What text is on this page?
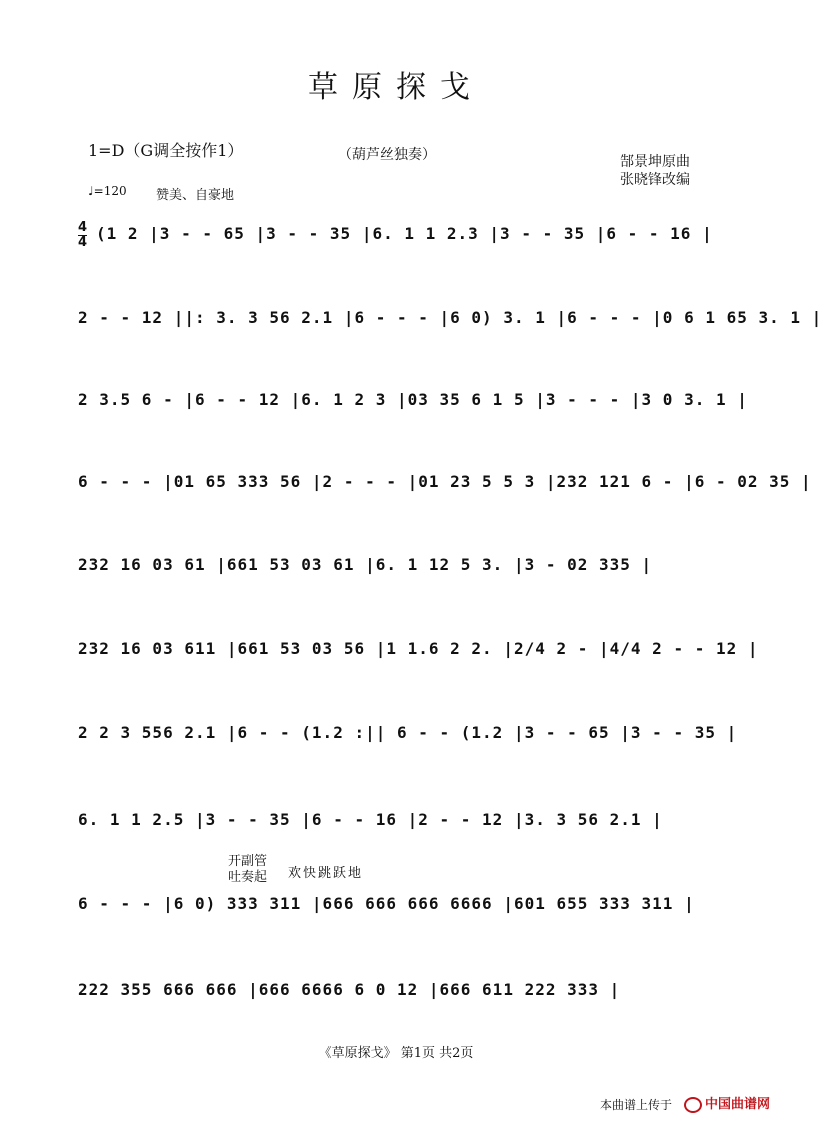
草原探戈
1=D（G调全按作1）	（葫芦丝独奏）	郜景坤原曲
张晓锋改编
♩=120 赞美、自豪地
4
4 (1 2 |3 - - 65 |3 - - 35 |6. 1 1 2.3 |3 - - 35 |6 - - 16 |
2 - - 12 ||: 3. 3 56 2.1 |6 - - - |6 0) 3. 1 |6 - - - |0 6 1 65 3. 1 |
2 3.5 6 - |6 - - 12 |6. 1 2 3 |03 35 6 1 5 |3 - - - |3 0 3. 1 |
6 - - - |01 65 333 56 |2 - - - |01 23 5 5 3 |232 121 6 - |6 - 02 35 |
232 16 03 61 |661 53 03 61 |6. 1 12 5 3. |3 - 02 335 |
232 16 03 611 |661 53 03 56 |1 1.6 2 2. |2/4 2 - |4/4 2 - - 12 |
2 2 3 556 2.1 |6 - - (1.2 :|| 6 - - (1.2 |3 - - 65 |3 - - 35 |
6. 1 1 2.5 |3 - - 35 |6 - - 16 |2 - - 12 |3. 3 56 2.1 |
开副管
吐奏起 欢快跳跃地
6 - - - |6 0) 333 311 |666 666 666 6666 |601 655 333 311 |
222 355 666 666 |666 6666 6 0 12 |666 611 222 333 |
《草原探戈》 第1页 共2页
本曲谱上传于	中国曲谱网
